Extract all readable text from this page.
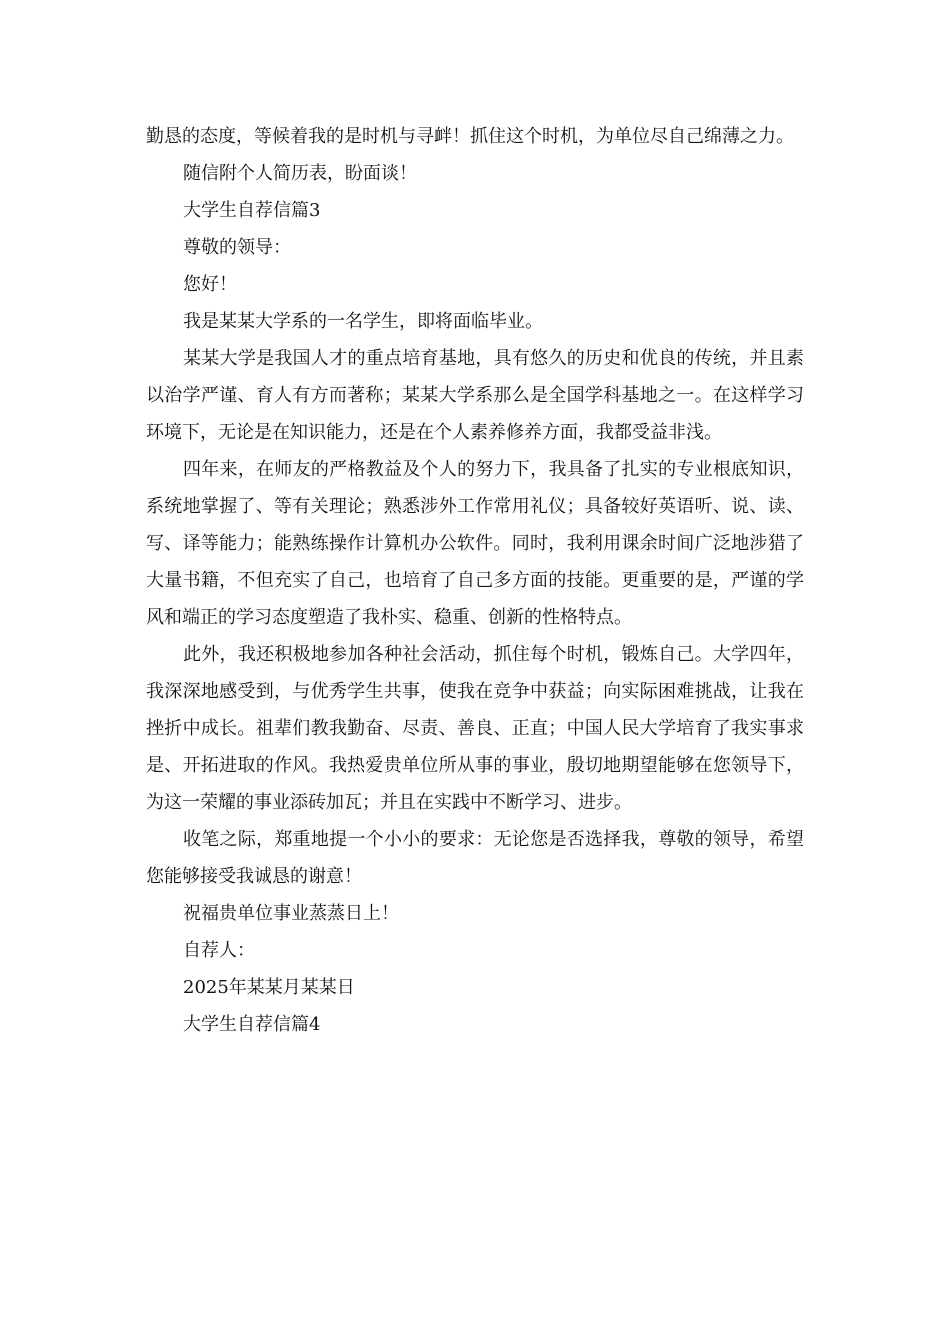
勤恳的态度，等候着我的是时机与寻衅！抓住这个时机，为单位尽自己绵薄之力。

随信附个人简历表，盼面谈！

大学生自荐信篇3

尊敬的领导：

您好！

我是某某大学系的一名学生，即将面临毕业。

某某大学是我国人才的重点培育基地，具有悠久的历史和优良的传统，并且素以治学严谨、育人有方而著称；某某大学系那么是全国学科基地之一。在这样学习环境下，无论是在知识能力，还是在个人素养修养方面，我都受益非浅。

四年来，在师友的严格教益及个人的努力下，我具备了扎实的专业根底知识，系统地掌握了、等有关理论；熟悉涉外工作常用礼仪；具备较好英语听、说、读、写、译等能力；能熟练操作计算机办公软件。同时，我利用课余时间广泛地涉猎了大量书籍，不但充实了自己，也培育了自己多方面的技能。更重要的是，严谨的学风和端正的学习态度塑造了我朴实、稳重、创新的性格特点。

此外，我还积极地参加各种社会活动，抓住每个时机，锻炼自己。大学四年，我深深地感受到，与优秀学生共事，使我在竞争中获益；向实际困难挑战，让我在挫折中成长。祖辈们教我勤奋、尽责、善良、正直；中国人民大学培育了我实事求是、开拓进取的作风。我热爱贵单位所从事的事业，殷切地期望能够在您领导下，为这一荣耀的事业添砖加瓦；并且在实践中不断学习、进步。

收笔之际，郑重地提一个小小的要求：无论您是否选择我，尊敬的领导，希望您能够接受我诚恳的谢意！

祝福贵单位事业蒸蒸日上！

自荐人：

2025年某某月某某日

大学生自荐信篇4
